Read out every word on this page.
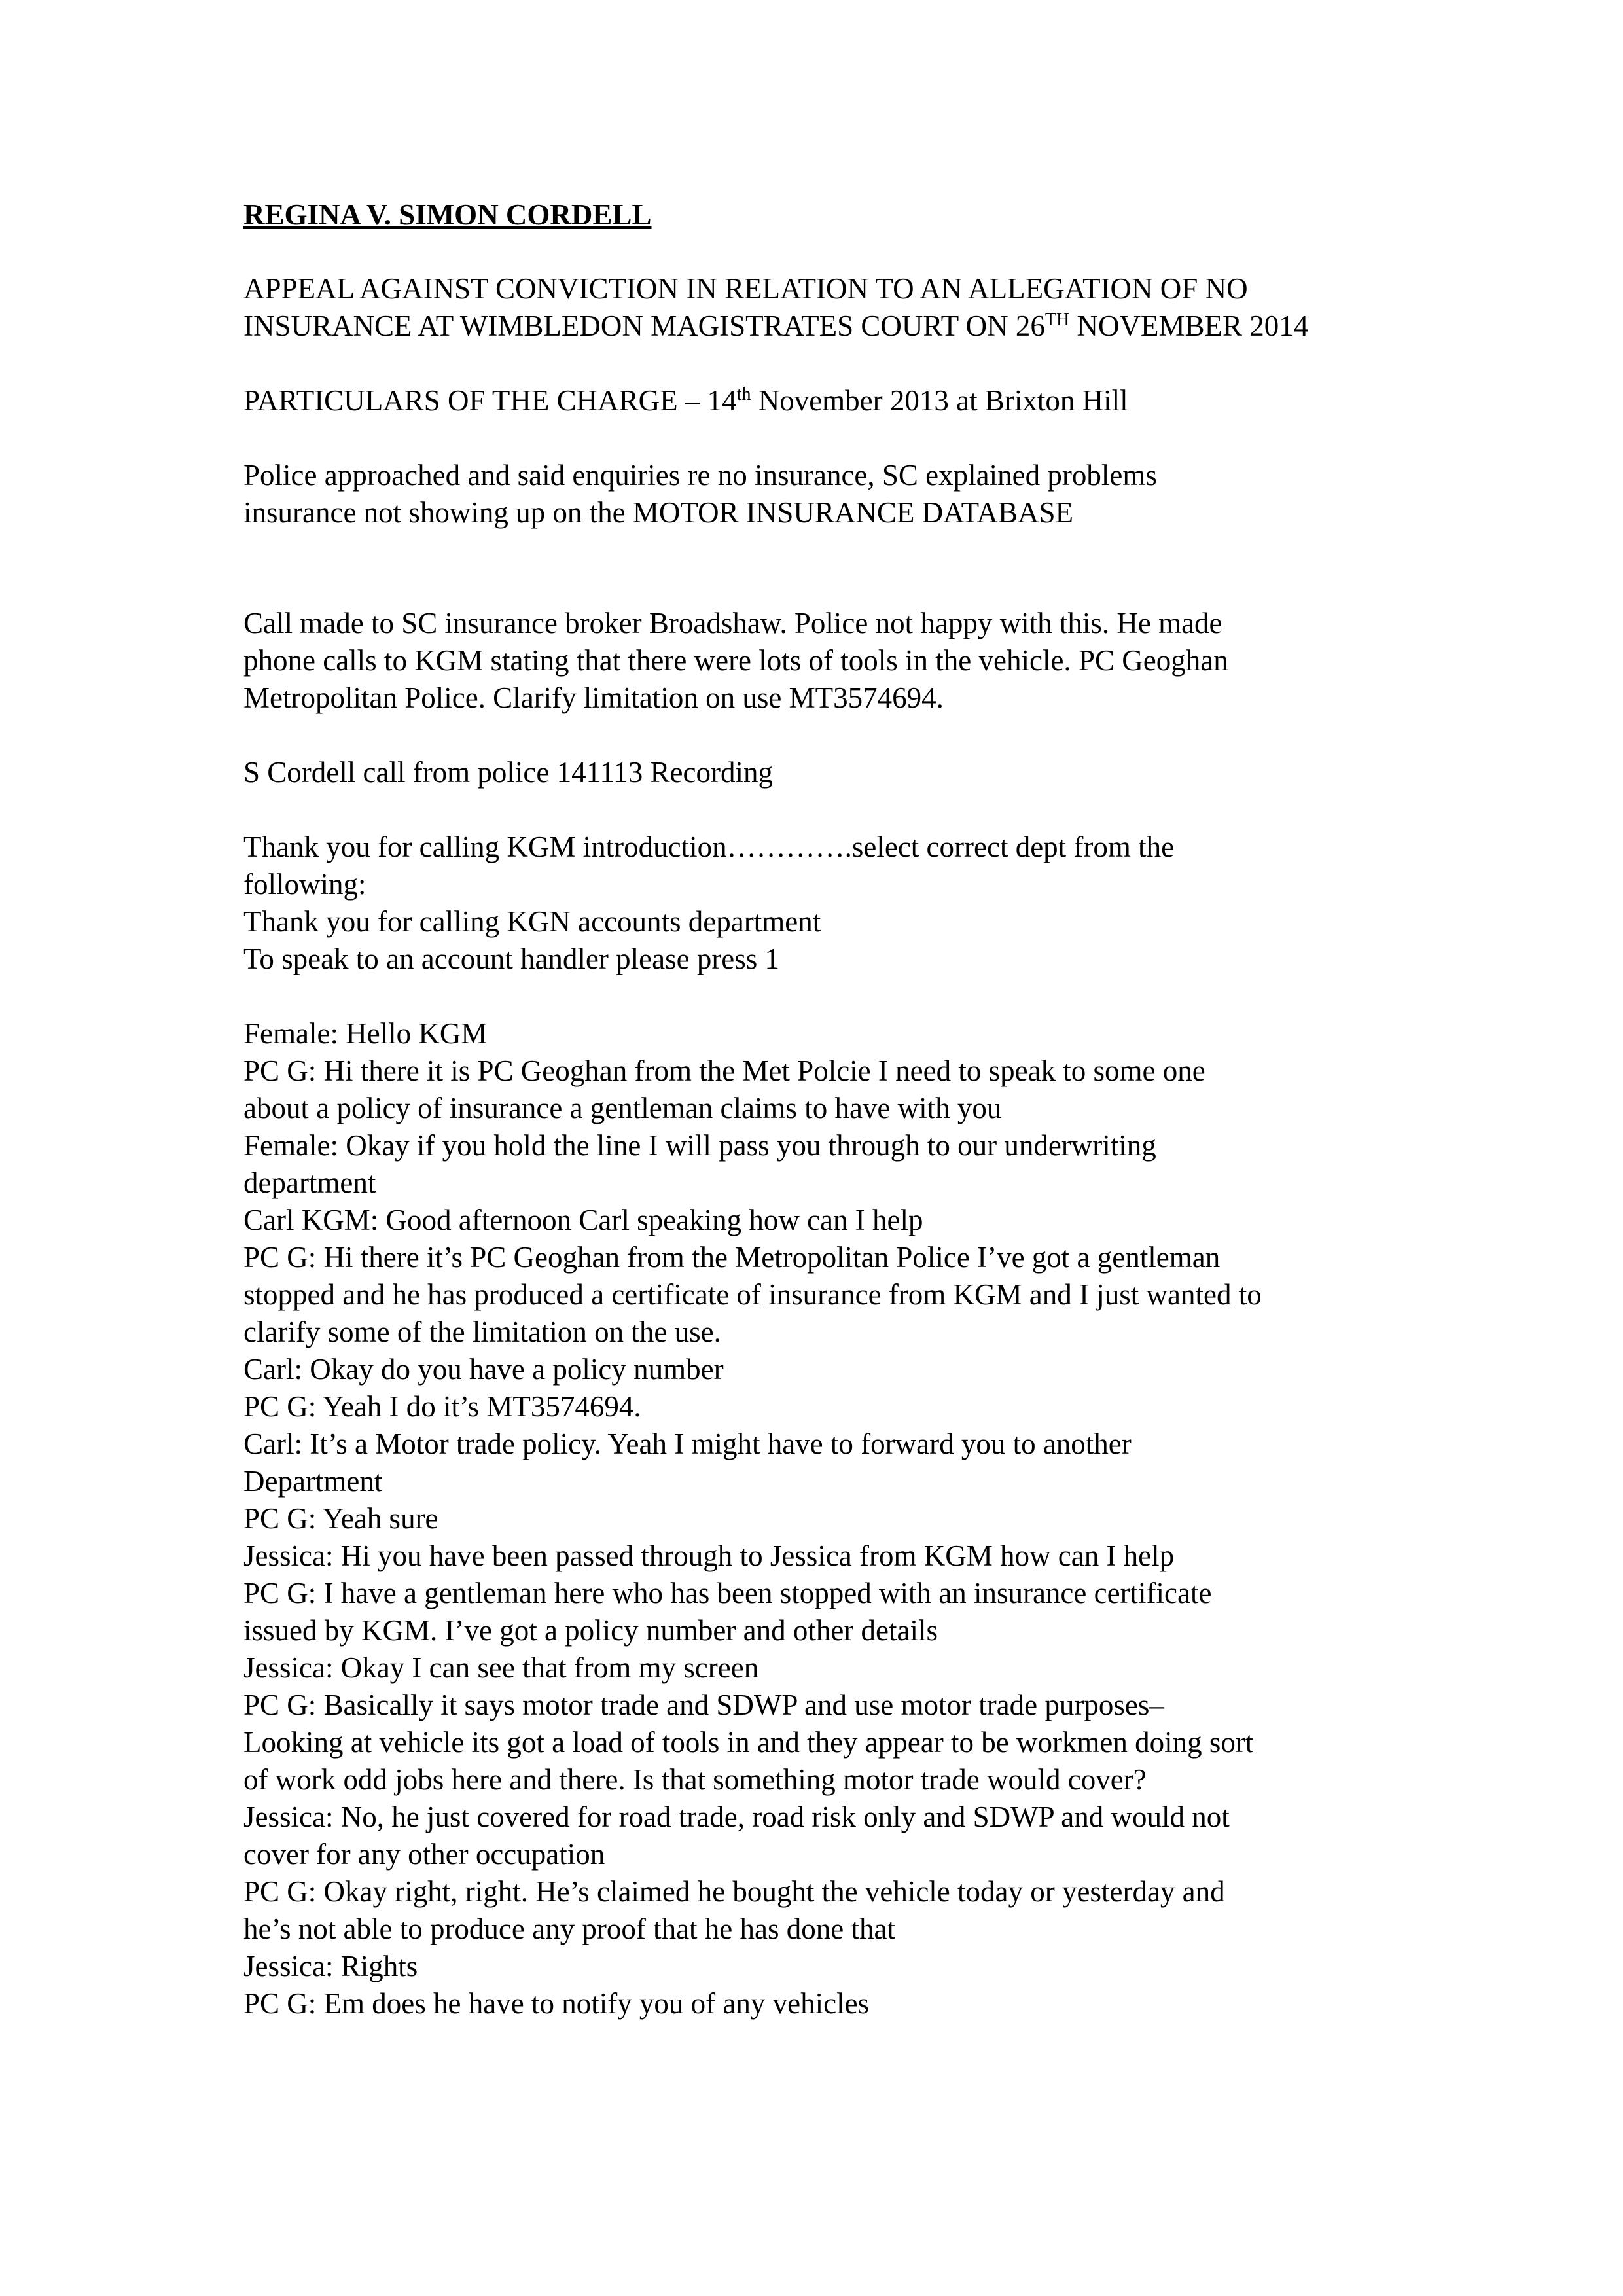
REGINA V. SIMON CORDELL

APPEAL AGAINST CONVICTION IN RELATION TO AN ALLEGATION OF NO INSURANCE AT WIMBLEDON MAGISTRATES COURT ON 26TH NOVEMBER 2014

PARTICULARS OF THE CHARGE – 14th November 2013 at Brixton Hill

Police approached and said enquiries re no insurance, SC explained problems
insurance not showing up on the MOTOR INSURANCE DATABASE

Call made to SC insurance broker Broadshaw. Police not happy with this. He made
phone calls to KGM stating that there were lots of tools in the vehicle. PC Geoghan
Metropolitan Police. Clarify limitation on use MT3574694.

S Cordell call from police 141113 Recording

Thank you for calling KGM introduction………….select correct dept from the
following:
Thank you for calling KGN accounts department
To speak to an account handler please press 1

Female: Hello KGM
PC G: Hi there it is PC Geoghan from the Met Polcie I need to speak to some one
about a policy of insurance a gentleman claims to have with you
Female: Okay if you hold the line I will pass you through to our underwriting
department
Carl KGM: Good afternoon Carl speaking how can I help
PC G: Hi there it’s PC Geoghan from the Metropolitan Police I’ve got a gentleman
stopped and he has produced a certificate of insurance from KGM and I just wanted to
clarify some of the limitation on the use.
Carl: Okay do you have a policy number
PC G: Yeah I do it’s MT3574694.
Carl: It’s a Motor trade policy. Yeah I might have to forward you to another
Department
PC G: Yeah sure
Jessica: Hi you have been passed through to Jessica from KGM how can I help
PC G: I have a gentleman here who has been stopped with an insurance certificate
issued by KGM. I’ve got a policy number and other details
Jessica: Okay I can see that from my screen
PC G: Basically it says motor trade and SDWP and use motor trade purposes–
Looking at vehicle its got a load of tools in and they appear to be workmen doing sort
of work odd jobs here and there. Is that something motor trade would cover?
Jessica: No, he just covered for road trade, road risk only and SDWP and would not
cover for any other occupation
PC G: Okay right, right. He’s claimed he bought the vehicle today or yesterday and
he’s not able to produce any proof that he has done that
Jessica: Rights
PC G: Em does he have to notify you of any vehicles
